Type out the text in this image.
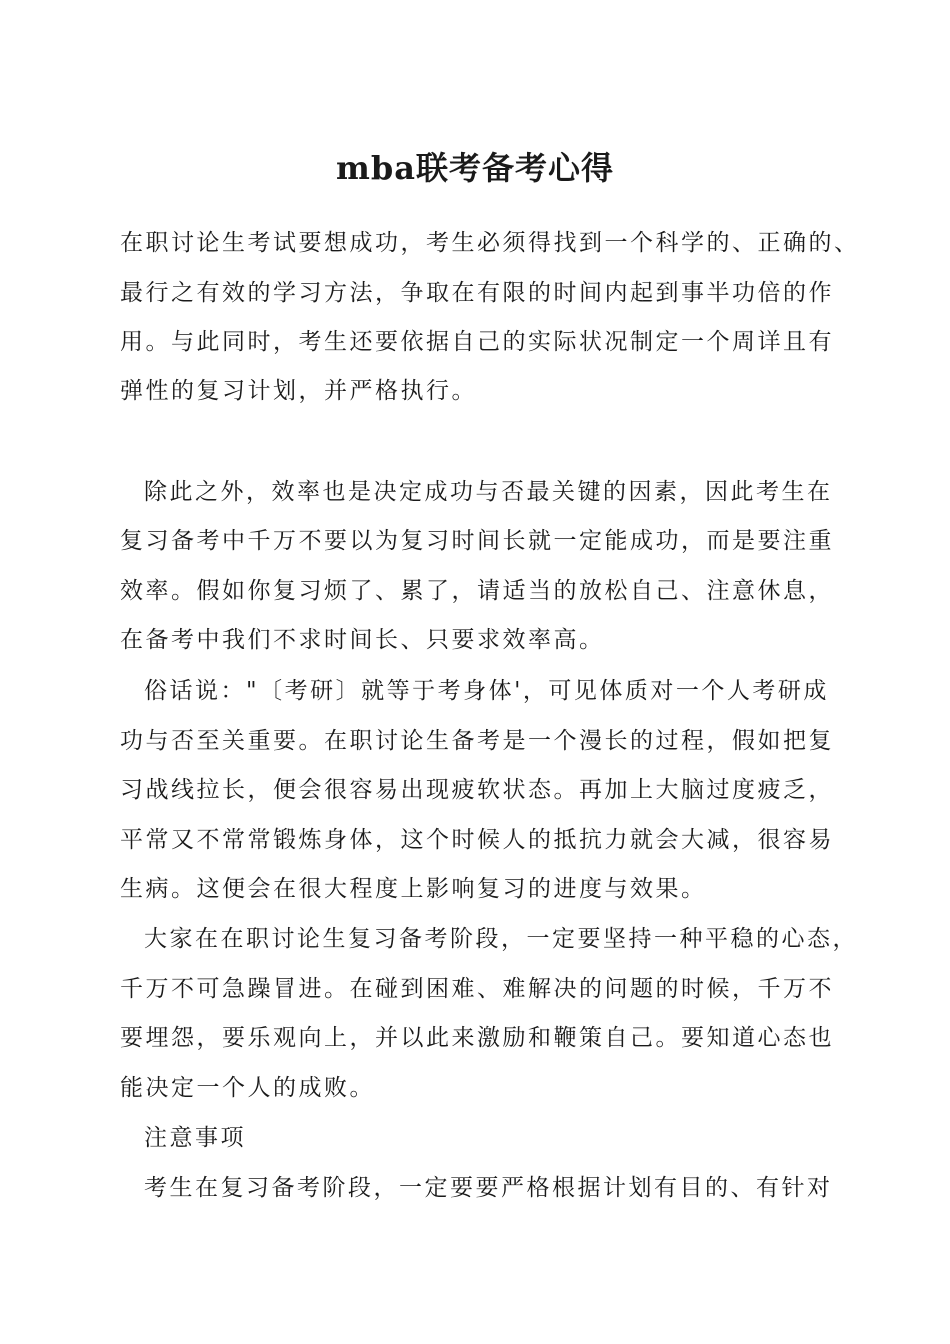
mba联考备考心得
在职讨论生考试要想成功，考生必须得找到一个科学的、正确的、
最行之有效的学习方法，争取在有限的时间内起到事半功倍的作
用。与此同时，考生还要依据自己的实际状况制定一个周详且有
弹性的复习计划，并严格执行。
除此之外，效率也是决定成功与否最关键的因素，因此考生在
复习备考中千万不要以为复习时间长就一定能成功，而是要注重
效率。假如你复习烦了、累了，请适当的放松自己、注意休息，
在备考中我们不求时间长、只要求效率高。
俗话说："〔考研〕就等于考身体'，可见体质对一个人考研成
功与否至关重要。在职讨论生备考是一个漫长的过程，假如把复
习战线拉长，便会很容易出现疲软状态。再加上大脑过度疲乏，
平常又不常常锻炼身体，这个时候人的抵抗力就会大减，很容易
生病。这便会在很大程度上影响复习的进度与效果。
大家在在职讨论生复习备考阶段，一定要坚持一种平稳的心态，
千万不可急躁冒进。在碰到困难、难解决的问题的时候，千万不
要埋怨，要乐观向上，并以此来激励和鞭策自己。要知道心态也
能决定一个人的成败。
注意事项
考生在复习备考阶段，一定要要严格根据计划有目的、有针对
